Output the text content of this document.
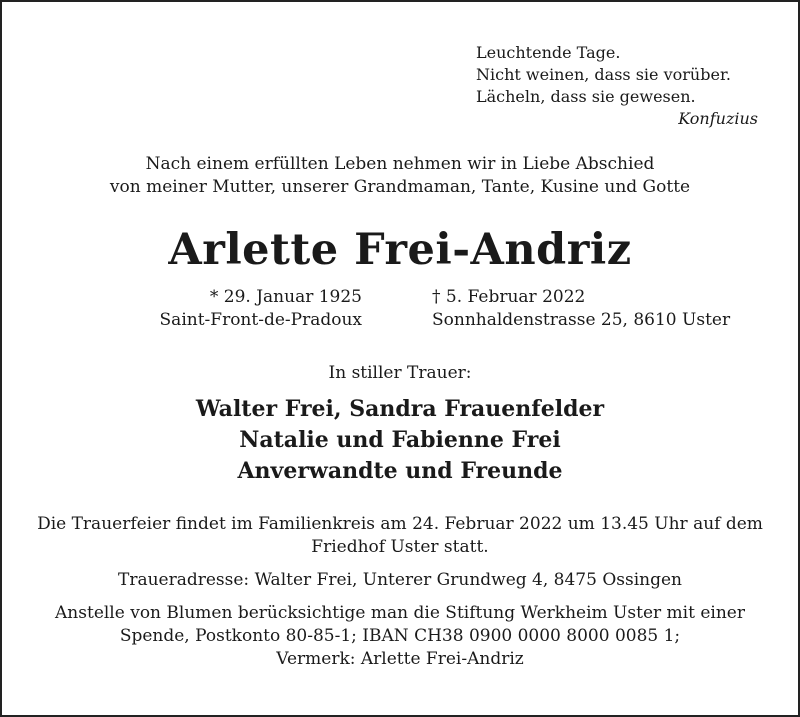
Leuchtende Tage.
Nicht weinen, dass sie vorüber.
Lächeln, dass sie gewesen.
Konfuzius
Nach einem erfüllten Leben nehmen wir in Liebe Abschied
von meiner Mutter, unserer Grandmaman, Tante, Kusine und Gotte
Arlette Frei-Andriz
* 29. Januar 1925
Saint-Front-de-Pradoux
† 5. Februar 2022
Sonnhaldenstrasse 25, 8610 Uster
In stiller Trauer:
Walter Frei, Sandra Frauenfelder
Natalie und Fabienne Frei
Anverwandte und Freunde
Die Trauerfeier findet im Familienkreis am 24. Februar 2022 um 13.45 Uhr auf dem
Friedhof Uster statt.
Traueradresse: Walter Frei, Unterer Grundweg 4, 8475 Ossingen
Anstelle von Blumen berücksichtige man die Stiftung Werkheim Uster mit einer
Spende, Postkonto 80-85-1; IBAN CH38 0900 0000 8000 0085 1;
Vermerk: Arlette Frei-Andriz
